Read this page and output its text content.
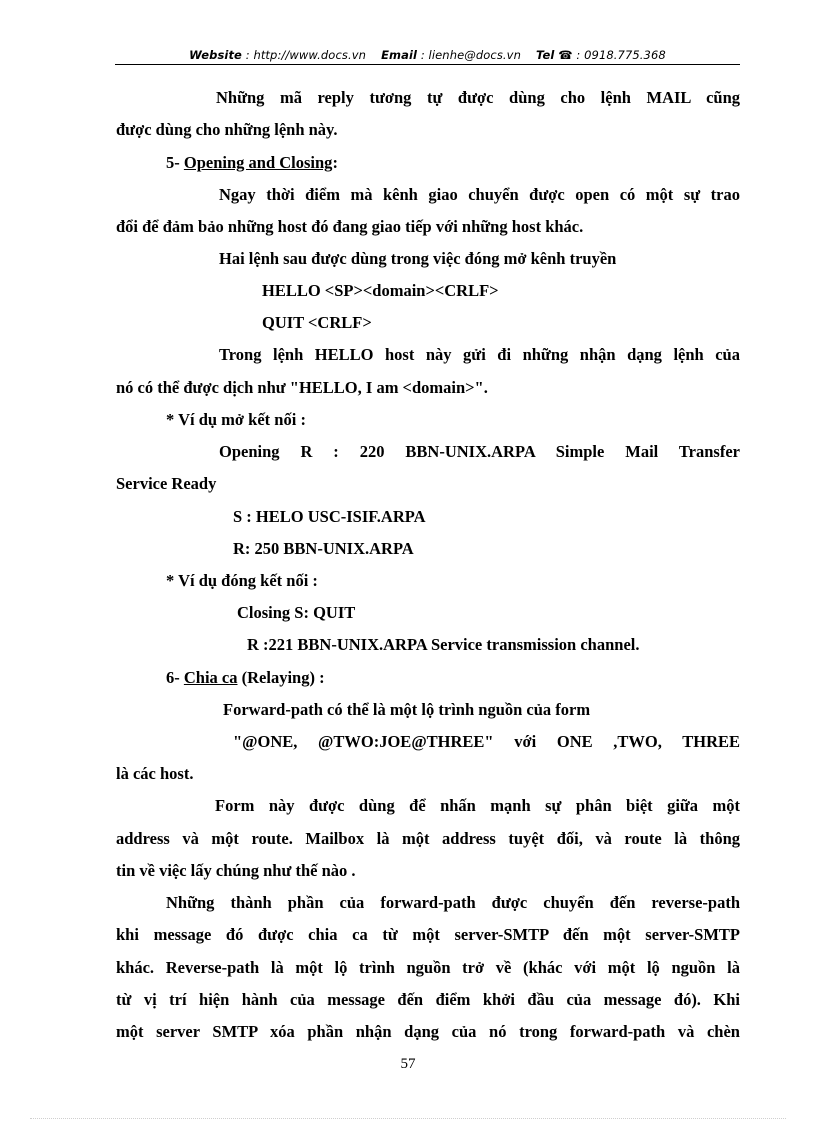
Website : http://www.docs.vn Email : lienhe@docs.vn Tel ☎ : 0918.775.368
Những mã reply tương tự được dùng cho lệnh MAIL cũng
được dùng cho những lệnh này.
5- Opening and Closing:
Ngay thời điểm mà kênh giao chuyển được open có một sự trao
đổi để đảm bảo những host đó đang giao tiếp với những host khác.
Hai lệnh sau được dùng trong việc đóng mở kênh truyền
HELLO <SP><domain><CRLF>
QUIT <CRLF>
Trong lệnh HELLO host này gửi đi những nhận dạng lệnh của
nó có thể được dịch như "HELLO, I am <domain>".
* Ví dụ mở kết nối :
Opening R : 220 BBN-UNIX.ARPA Simple Mail Transfer
Service Ready
S : HELO USC-ISIF.ARPA
R: 250 BBN-UNIX.ARPA
* Ví dụ đóng kết nối :
Closing S: QUIT
R :221 BBN-UNIX.ARPA Service transmission channel.
6- Chia ca (Relaying) :
Forward-path có thể là một lộ trình nguồn của form
"@ONE, @TWO:JOE@THREE" với ONE ,TWO, THREE
là các host.
Form này được dùng để nhấn mạnh sự phân biệt giữa một
address và một route. Mailbox là một address tuyệt đối, và route là thông
tin về việc lấy chúng như thế nào .
Những thành phần của forward-path được chuyển đến reverse-path
khi message đó được chia ca từ một server-SMTP đến một server-SMTP
khác. Reverse-path là một lộ trình nguồn trở về (khác với một lộ nguồn là
từ vị trí hiện hành của message đến điểm khởi đầu của message đó). Khi
một server SMTP xóa phần nhận dạng của nó trong forward-path và chèn
57
